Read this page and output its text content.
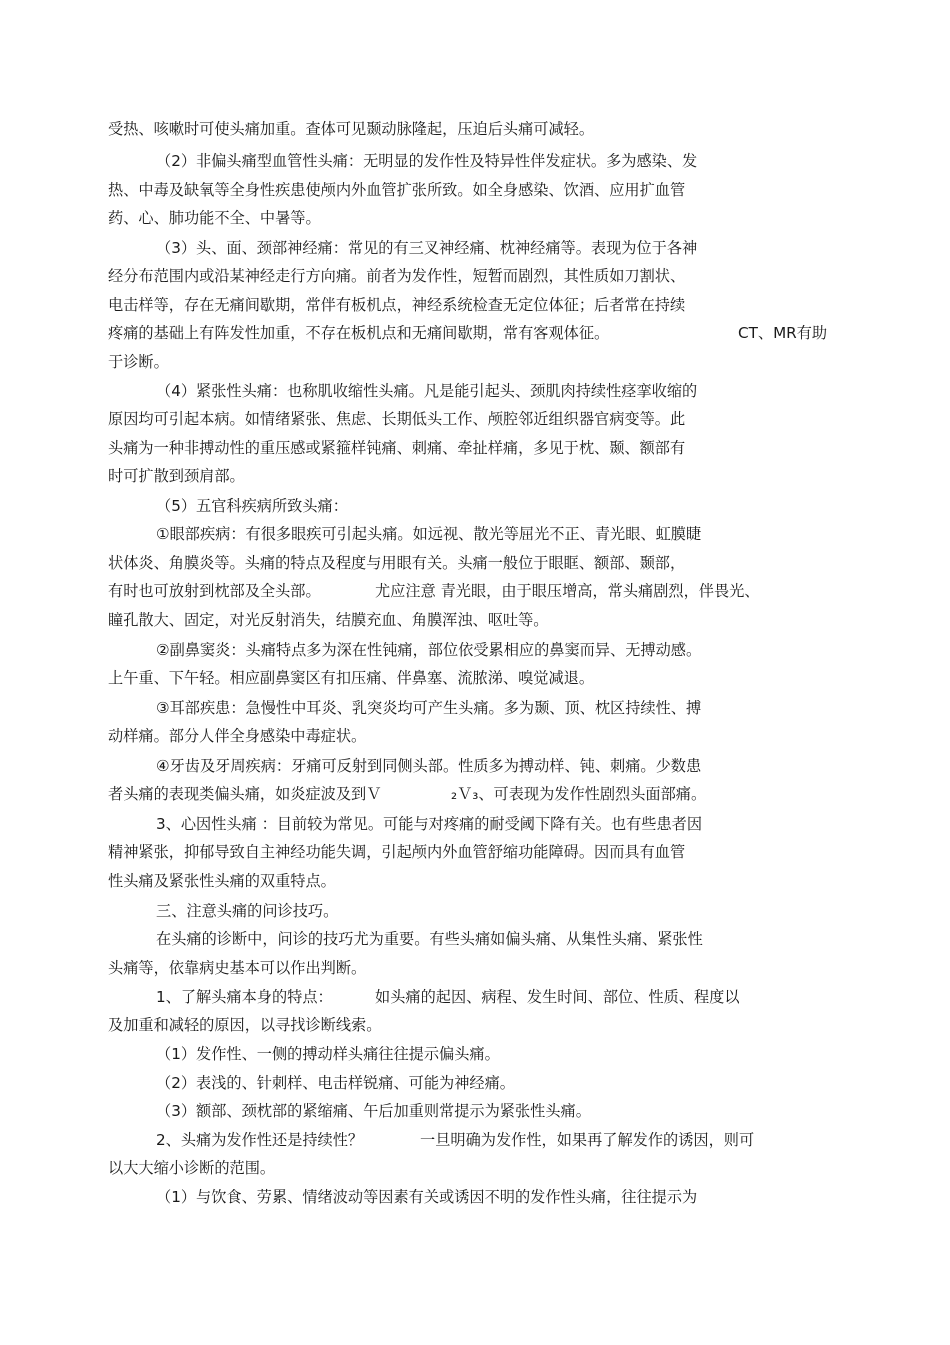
受热、咳嗽时可使头痛加重。查体可见颞动脉隆起，压迫后头痛可减轻。
（2）非偏头痛型血管性头痛：无明显的发作性及特异性伴发症状。多为感染、发
热、中毒及缺氧等全身性疾患使颅内外血管扩张所致。如全身感染、饮酒、应用扩血管
药、心、肺功能不全、中暑等。
（3）头、面、颈部神经痛：常见的有三叉神经痛、枕神经痛等。表现为位于各神
经分布范围内或沿某神经走行方向痛。前者为发作性，短暂而剧烈，其性质如刀割状、
电击样等，存在无痛间歇期，常伴有板机点，神经系统检查无定位体征；后者常在持续
疼痛的基础上有阵发性加重，不存在板机点和无痛间歇期，常有客观体征。	CT、MR有助
于诊断。
（4）紧张性头痛：也称肌收缩性头痛。凡是能引起头、颈肌肉持续性痉挛收缩的
原因均可引起本病。如情绪紧张、焦虑、长期低头工作、颅腔邻近组织器官病变等。此
头痛为一种非搏动性的重压感或紧箍样钝痛、刺痛、牵扯样痛，多见于枕、颞、额部有
时可扩散到颈肩部。
（5）五官科疾病所致头痛：
①眼部疾病：有很多眼疾可引起头痛。如远视、散光等屈光不正、青光眼、虹膜睫
状体炎、角膜炎等。头痛的特点及程度与用眼有关。头痛一般位于眼眶、额部、颞部，
有时也可放射到枕部及全头部。	尤应注意 青光眼，由于眼压增高，常头痛剧烈，伴畏光、
瞳孔散大、固定，对光反射消失，结膜充血、角膜浑浊、呕吐等。
②副鼻窦炎：头痛特点多为深在性钝痛，部位依受累相应的鼻窦而异、无搏动感。
上午重、下午轻。相应副鼻窦区有扣压痛、伴鼻塞、流脓涕、嗅觉减退。
③耳部疾患：急慢性中耳炎、乳突炎均可产生头痛。多为颞、顶、枕区持续性、搏
动样痛。部分人伴全身感染中毒症状。
④牙齿及牙周疾病：牙痛可反射到同侧头部。性质多为搏动样、钝、刺痛。少数患
者头痛的表现类偏头痛，如炎症波及到Ｖ	₂Ｖ₃、可表现为发作性剧烈头面部痛。
3、心因性头痛 ：目前较为常见。可能与对疼痛的耐受阈下降有关。也有些患者因
精神紧张，抑郁导致自主神经功能失调，引起颅内外血管舒缩功能障碍。因而具有血管
性头痛及紧张性头痛的双重特点。
三、注意头痛的问诊技巧。
在头痛的诊断中，问诊的技巧尤为重要。有些头痛如偏头痛、从集性头痛、紧张性
头痛等，依靠病史基本可以作出判断。
1、了解头痛本身的特点：	如头痛的起因、病程、发生时间、部位、性质、程度以
及加重和减轻的原因，以寻找诊断线索。
（1）发作性、一侧的搏动样头痛往往提示偏头痛。
（2）表浅的、针刺样、电击样锐痛、可能为神经痛。
（3）额部、颈枕部的紧缩痛、午后加重则常提示为紧张性头痛。
2、头痛为发作性还是持续性？	一旦明确为发作性，如果再了解发作的诱因，则可
以大大缩小诊断的范围。
（1）与饮食、劳累、情绪波动等因素有关或诱因不明的发作性头痛，往往提示为
